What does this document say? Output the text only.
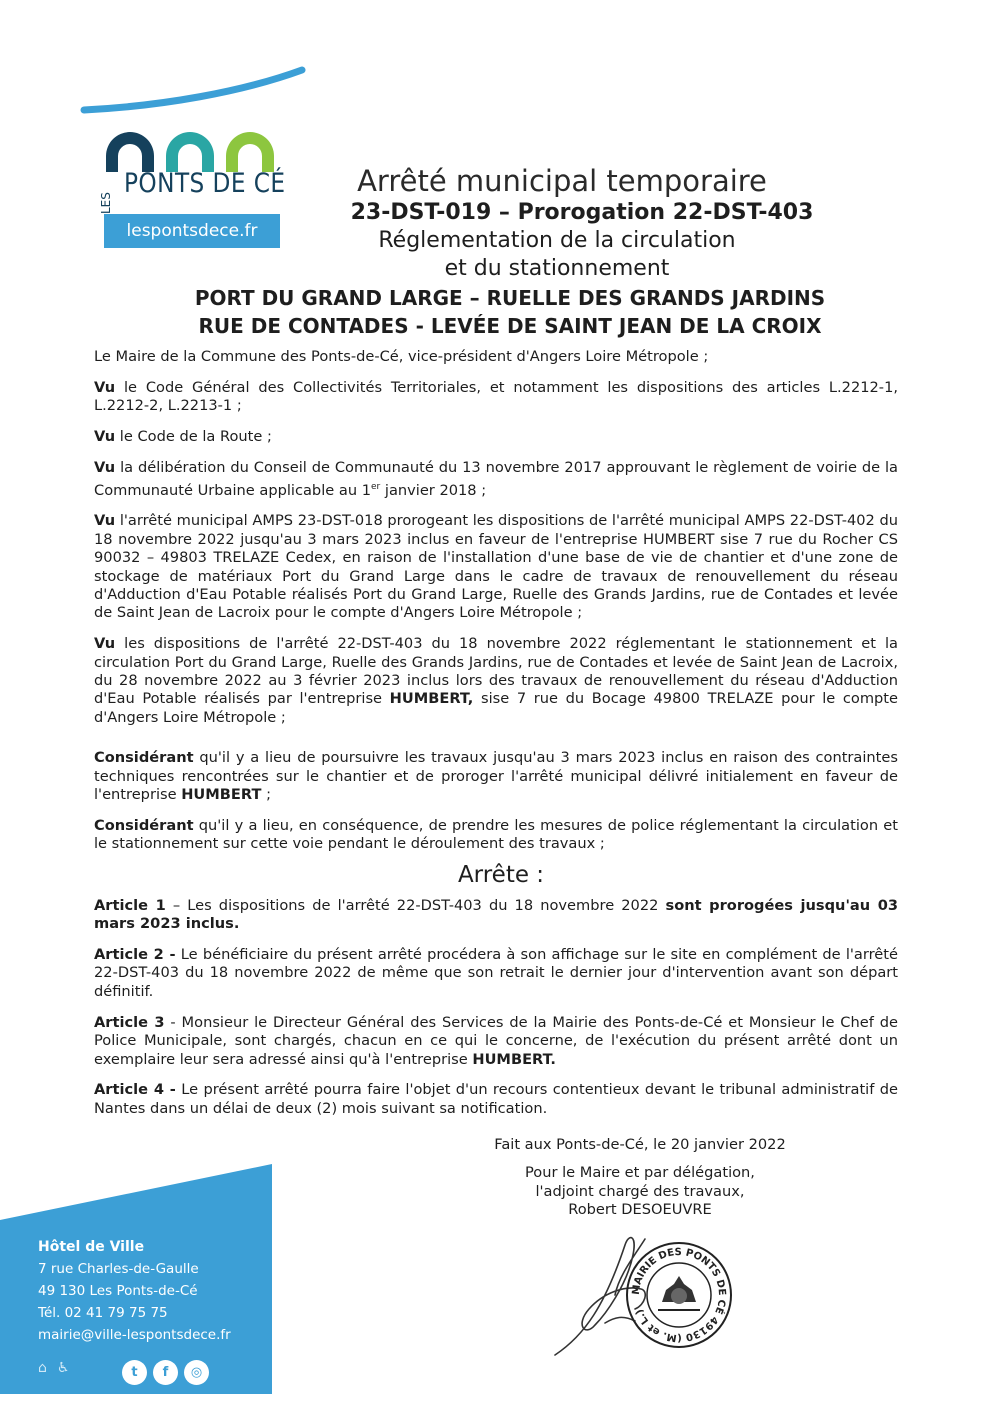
LES
PONTS DE CÉ
lespontsdece.fr
Arrêté municipal temporaire
23-DST-019 – Prorogation 22-DST-403
Réglementation de la circulation
et du stationnement
PORT DU GRAND LARGE – RUELLE DES GRANDS JARDINS
RUE DE CONTADES - LEVÉE DE SAINT JEAN DE LA CROIX

Le Maire de la Commune des Ponts-de-Cé, vice-président d'Angers Loire Métropole ;

Vu le Code Général des Collectivités Territoriales, et notamment les dispositions des articles L.2212-1, L.2212-2, L.2213-1 ;

Vu le Code de la Route ;

Vu la délibération du Conseil de Communauté du 13 novembre 2017 approuvant le règlement de voirie de la Communauté Urbaine applicable au 1er janvier 2018 ;

Vu l'arrêté municipal AMPS 23-DST-018 prorogeant les dispositions de l'arrêté municipal AMPS 22-DST-402 du 18 novembre 2022 jusqu'au 3 mars 2023 inclus en faveur de l'entreprise HUMBERT sise 7 rue du Rocher CS 90032 – 49803 TRELAZE Cedex, en raison de l'installation d'une base de vie de chantier et d'une zone de stockage de matériaux Port du Grand Large dans le cadre de travaux de renouvellement du réseau d'Adduction d'Eau Potable réalisés Port du Grand Large, Ruelle des Grands Jardins, rue de Contades et levée de Saint Jean de Lacroix pour le compte d'Angers Loire Métropole ;

Vu les dispositions de l'arrêté 22-DST-403 du 18 novembre 2022 réglementant le stationnement et la circulation Port du Grand Large, Ruelle des Grands Jardins, rue de Contades et levée de Saint Jean de Lacroix, du 28 novembre 2022 au 3 février 2023 inclus lors des travaux de renouvellement du réseau d'Adduction d'Eau Potable réalisés par l'entreprise HUMBERT, sise 7 rue du Bocage 49800 TRELAZE pour le compte d'Angers Loire Métropole ;

Considérant qu'il y a lieu de poursuivre les travaux jusqu'au 3 mars 2023 inclus en raison des contraintes techniques rencontrées sur le chantier et de proroger l'arrêté municipal délivré initialement en faveur de l'entreprise HUMBERT ;

Considérant qu'il y a lieu, en conséquence, de prendre les mesures de police réglementant la circulation et le stationnement sur cette voie pendant le déroulement des travaux ;

Arrête :

Article 1 – Les dispositions de l'arrêté 22-DST-403 du 18 novembre 2022 sont prorogées jusqu'au 03 mars 2023 inclus.

Article 2 - Le bénéficiaire du présent arrêté procédera à son affichage sur le site en complément de l'arrêté 22-DST-403 du 18 novembre 2022 de même que son retrait le dernier jour d'intervention avant son départ définitif.

Article 3 - Monsieur le Directeur Général des Services de la Mairie des Ponts-de-Cé et Monsieur le Chef de Police Municipale, sont chargés, chacun en ce qui le concerne, de l'exécution du présent arrêté dont un exemplaire leur sera adressé ainsi qu'à l'entreprise HUMBERT.

Article 4 - Le présent arrêté pourra faire l'objet d'un recours contentieux devant le tribunal administratif de Nantes dans un délai de deux (2) mois suivant sa notification.

Fait aux Ponts-de-Cé, le 20 janvier 2022
Pour le Maire et par délégation,
l'adjoint chargé des travaux,
Robert DESOEUVRE
MAIRIE DES PONTS DE CÉ 49130 (M. et L.)
Hôtel de Ville
7 rue Charles-de-Gaulle
49 130 Les Ponts-de-Cé
Tél. 02 41 79 75 75
mairie@ville-lespontsdece.fr
⌂ ♿	t	f	◎
